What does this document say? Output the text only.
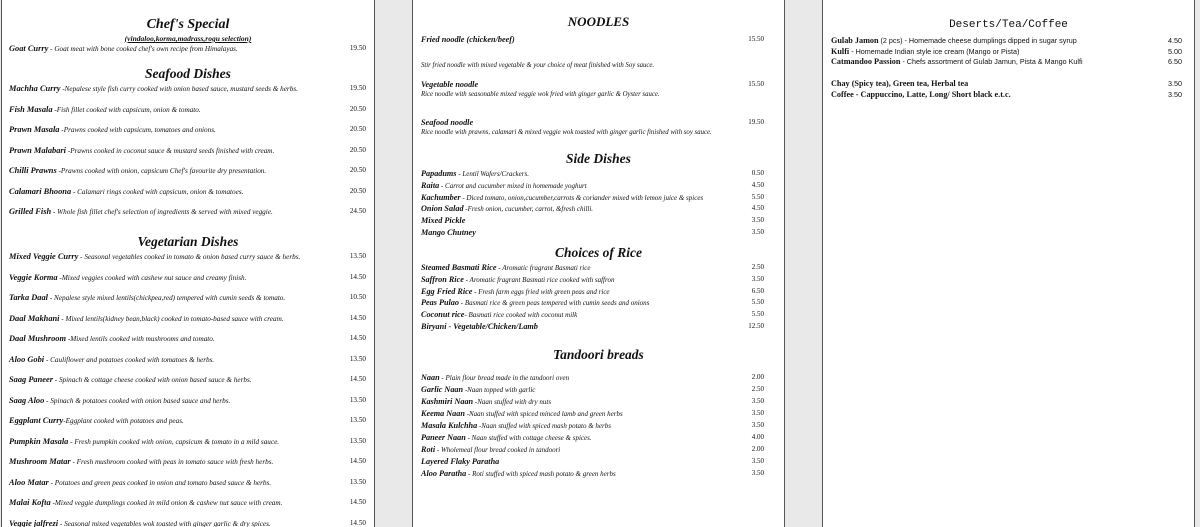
Chef's Special
(vindaloo,korma,madrass,rogu selection)
Goat Curry - Goat meat with bone cooked chef's own recipe from Himalayas.	19.50
Seafood Dishes
Machha Curry -Nepalese style fish curry cooked with onion based sauce, mustard seeds & herbs.	19.50
Fish Masala -Fish fillet cooked with capsicum, onion & tomato.	20.50
Prawn Masala -Prawns cooked with capsicum, tomatoes and onions.	20.50
Prawn Malabari -Prawns cooked in coconut sauce & mustard seeds finished with cream.	20.50
Chilli Prawns -Prawns cooked with onion, capsicum Chef's favourite dry presentation.	20.50
Calamari Bhoona - Calamari rings cooked with capsicum, onion & tomatoes.	20.50
Grilled Fish - Whole fish fillet chef's selection of ingredients & served with mixed veggie.	24.50
Vegetarian Dishes
Mixed Veggie Curry - Seasonal vegetables cooked in tomato & onion based curry sauce & herbs.	13.50
Veggie Korma -Mixed veggies cooked with cashew nut sauce and creamy finish.	14.50
Tarka Daal - Nepalese style mixed lentils(chickpea,red) tempered with cumin seeds & tomato.	10.50
Daal Makhani - Mixed lentils(kidney bean,black) cooked in tomato-based sauce with cream.	14.50
Daal Mushroom -Mixed lentils cooked with mushrooms and tomato.	14.50
Aloo Gobi - Cauliflower and potatoes cooked with tomatoes & herbs.	13.50
Saag Paneer - Spinach & cottage cheese cooked with onion based sauce & herbs.	14.50
Saag Aloo - Spinach & potatoes cooked with onion based sauce and herbs.	13.50
Eggplant Curry-Eggplant cooked with potatoes and peas.	13.50
Pumpkin Masala - Fresh pumpkin cooked with onion, capsicum & tomato in a mild sauce.	13.50
Mushroom Matar - Fresh mushroom cooked with peas in tomato sauce with fresh herbs.	14.50
Aloo Matar - Potatoes and green peas cooked in onion and tomato based sauce & herbs.	13.50
Malai Kofta -Mixed veggie dumplings cooked in mild onion & cashew nut sauce with cream.	14.50
Veggie jalfrezi - Seasonal mixed vegetables wok toasted with ginger garlic & dry spices.	14.50
NOODLES
Fried noodle (chicken/beef)	15.50
Stir fried noodle with mixed vegetable & your choice of meat finished with Soy sauce.
Vegetable noodle	15.50
Rice noodle with seasonable mixed veggie wok fried with ginger garlic & Oyster sauce.
Seafood noodle	19.50
Rice noodle with prawns, calamari & mixed veggie wok toasted with ginger garlic finished with soy sauce.
Side Dishes
Papadums - Lentil Wafers/Crackers.	0.50
Raita - Carrot and cucumber mixed in homemade yoghurt	4.50
Kachumber - Diced tomato, onion,cucumber,carrots & coriander mixed with lemon juice & spices	5.50
Onion Salad -Fresh onion, cucumber, carrot, &fresh chilli.	4.50
Mixed Pickle	3.50
Mango Chutney	3.50
Choices of Rice
Steamed Basmati Rice - Aromatic fragrant Basmati rice	2.50
Saffron Rice - Aromatic fragrant Basmati rice cooked with saffron	3.50
Egg Fried Rice - Fresh farm eggs fried with green peas and rice	6.50
Peas Pulao - Basmati rice & green peas tempered with cumin seeds and onions	5.50
Coconut rice- Basmati rice cooked with coconut milk	5.50
Biryani - Vegetable/Chicken/Lamb	12.50
Tandoori breads
Naan - Plain flour bread made in the tandoori oven	2.00
Garlic Naan -Naan topped with garlic	2.50
Kashmiri Naan -Naan stuffed with dry nuts	3.50
Keema Naan -Naan stuffed with spiced minced lamb and green herbs	3.50
Masala Kulchha -Naan stuffed with spiced mash potato & herbs	3.50
Paneer Naan - Naan stuffed with cottage cheese & spices.	4.00
Roti - Wholemeal flour bread cooked in tandoori	2.00
Layered Flaky Paratha	3.50
Aloo Paratha - Roti stuffed with spiced mash potato & green herbs	3.50
Deserts/Tea/Coffee
Gulab Jamon (2 pcs) - Homemade cheese dumplings dipped in sugar syrup	4.50
Kulfi - Homemade Indian style ice cream (Mango or Pista)	5.00
Catmandoo Passion - Chefs assortment of Gulab Jamun, Pista & Mango Kulfi	6.50
Chay (Spicy tea), Green tea, Herbal tea	3.50
Coffee - Cappuccino, Latte, Long/ Short black e.t.c.	3.50
